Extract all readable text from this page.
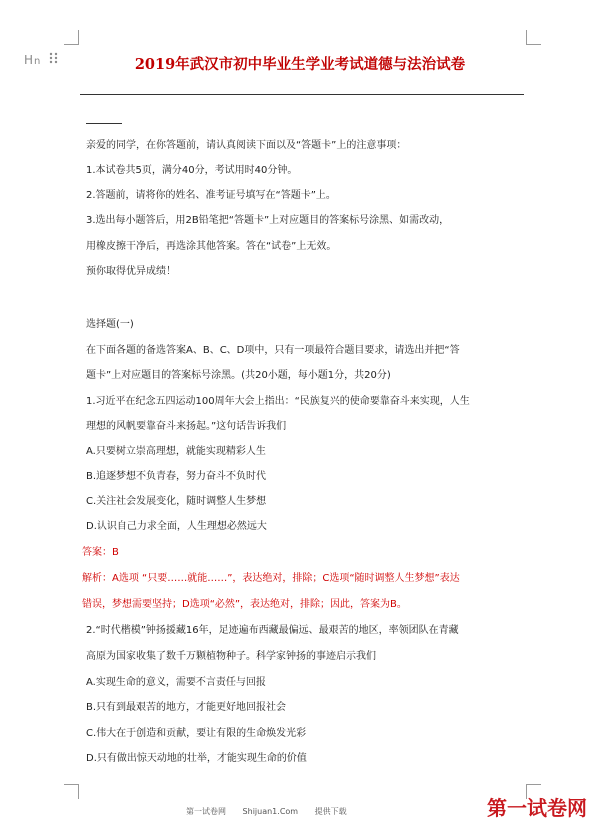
Hn	2019年武汉市初中毕业生学业考试道德与法治试卷
亲爱的同学，在你答题前，请认真阅读下面以及“答题卡”上的注意事项：
1.本试卷共5页，满分40分，考试用时40分钟。
2.答题前，请将你的姓名、准考证号填写在“答题卡”上。
3.选出每小题答后，用2B铅笔把“答题卡”上对应题目的答案标号涂黑、如需改动，
用橡皮擦干净后，再选涂其他答案。答在“试卷”上无效。
预你取得优异成绩！
选择题(一)
在下面各题的备选答案A、B、C、D项中，只有一项最符合题目要求，请选出并把“答
题卡”上对应题目的答案标号涂黑。(共20小题，每小题1分，共20分)
1.习近平在纪念五四运动100周年大会上指出：“民族复兴的使命要靠奋斗来实现，人生
理想的风帆要靠奋斗来扬起。”这句话告诉我们
A.只要树立崇高理想，就能实现精彩人生
B.追逐梦想不负青春，努力奋斗不负时代
C.关注社会发展变化，随时调整人生梦想
D.认识自己力求全面，人生理想必然远大
答案：B
解析：A选项 “只要……就能……”，表达绝对，排除；C选项“随时调整人生梦想”表达
错误，梦想需要坚持；D选项“必然”，表达绝对，排除；因此，答案为B。
2.“时代楷模”钟扬援藏16年，足迹遍布西藏最偏远、最艰苦的地区，率领团队在青藏
高原为国家收集了数千万颗植物种子。科学家钟扬的事迹启示我们
A.实现生命的意义，需要不言责任与回报
B.只有到最艰苦的地方，才能更好地回报社会
C.伟大在于创造和贡献，要让有限的生命焕发光彩
D.只有做出惊天动地的壮举，才能实现生命的价值
第一试卷网 Shijuan1.Com 提供下载	第一试卷网
